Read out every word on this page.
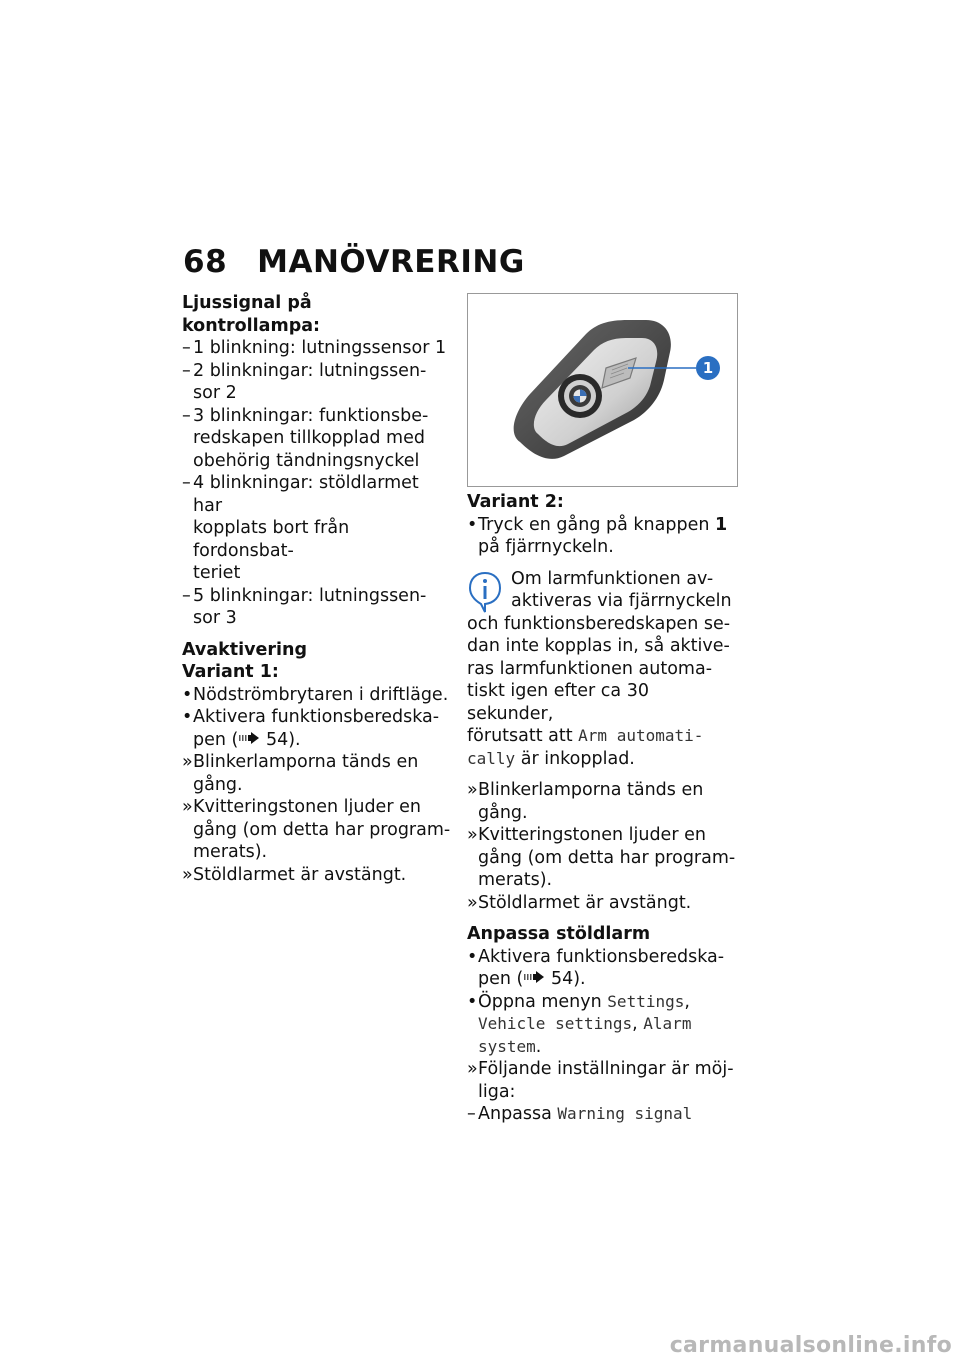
68 MANÖVRERING
Ljussignal på kontrollampa:
– 1 blinkning: lutningssensor 1
– 2 blinkningar: lutningssen-
sor 2
– 3 blinkningar: funktionsbe-
redskapen tillkopplad med
obehörig tändningsnyckel
– 4 blinkningar: stöldlarmet har
kopplats bort från fordonsbat-
teriet
– 5 blinkningar: lutningssen-
sor 3
Avaktivering
Variant 1:
• Nödströmbrytaren i driftläge.
• Aktivera funktionsberedska-
pen ( 54).
» Blinkerlamporna tänds en
gång.
» Kvitteringstonen ljuder en
gång (om detta har program-
merats).
» Stöldlarmet är avstängt.
1
Variant 2:
• Tryck en gång på knappen 1
på fjärrnyckeln.
Om larmfunktionen av-
aktiveras via fjärrnyckeln
och funktionsberedskapen se-
dan inte kopplas in, så aktive-
ras larmfunktionen automa-
tiskt igen efter ca 30 sekunder,
förutsatt att Arm automati-
cally är inkopplad.
» Blinkerlamporna tänds en
gång.
» Kvitteringstonen ljuder en
gång (om detta har program-
merats).
» Stöldlarmet är avstängt.
Anpassa stöldlarm
• Aktivera funktionsberedska-
pen ( 54).
• Öppna menyn Settings,
Vehicle settings, Alarm
system.
» Följande inställningar är möj-
liga:
– Anpassa Warning signal
carmanualsonline.info
